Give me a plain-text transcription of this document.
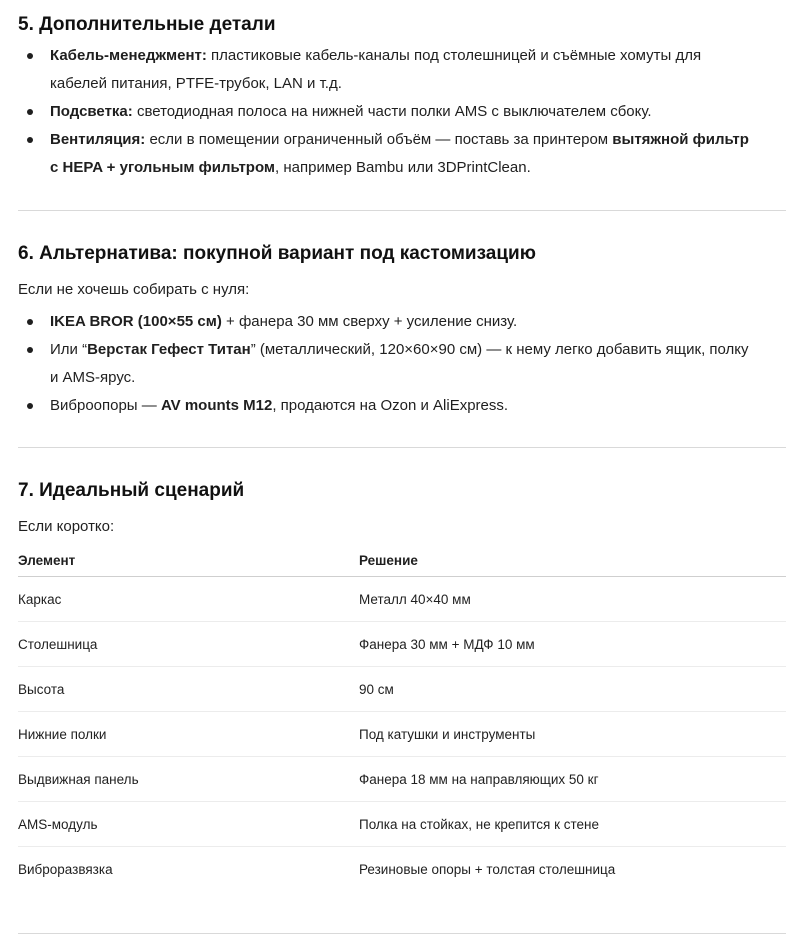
5. Дополнительные детали
Кабель-менеджмент: пластиковые кабель-каналы под столешницей и съёмные хомуты для
кабелей питания, PTFE-трубок, LAN и т.д.
Подсветка: светодиодная полоса на нижней части полки AMS с выключателем сбоку.
Вентиляция: если в помещении ограниченный объём — поставь за принтером вытяжной фильтр
с HEPA + угольным фильтром, например Bambu или 3DPrintClean.
6. Альтернатива: покупной вариант под кастомизацию

Если не хочешь собирать с нуля:

IKEA BROR (100×55 см) + фанера 30 мм сверху + усиление снизу.
Или “Верстак Гефест Титан” (металлический, 120×60×90 см) — к нему легко добавить ящик, полку
и AMS-ярус.
Виброопоры — AV mounts M12, продаются на Ozon и AliExpress.
7. Идеальный сценарий

Если коротко:

Элемент	Решение
Каркас	Металл 40×40 мм
Столешница	Фанера 30 мм + МДФ 10 мм
Высота	90 см
Нижние полки	Под катушки и инструменты
Выдвижная панель	Фанера 18 мм на направляющих 50 кг
AMS-модуль	Полка на стойках, не крепится к стене
Виброразвязка	Резиновые опоры + толстая столешница
